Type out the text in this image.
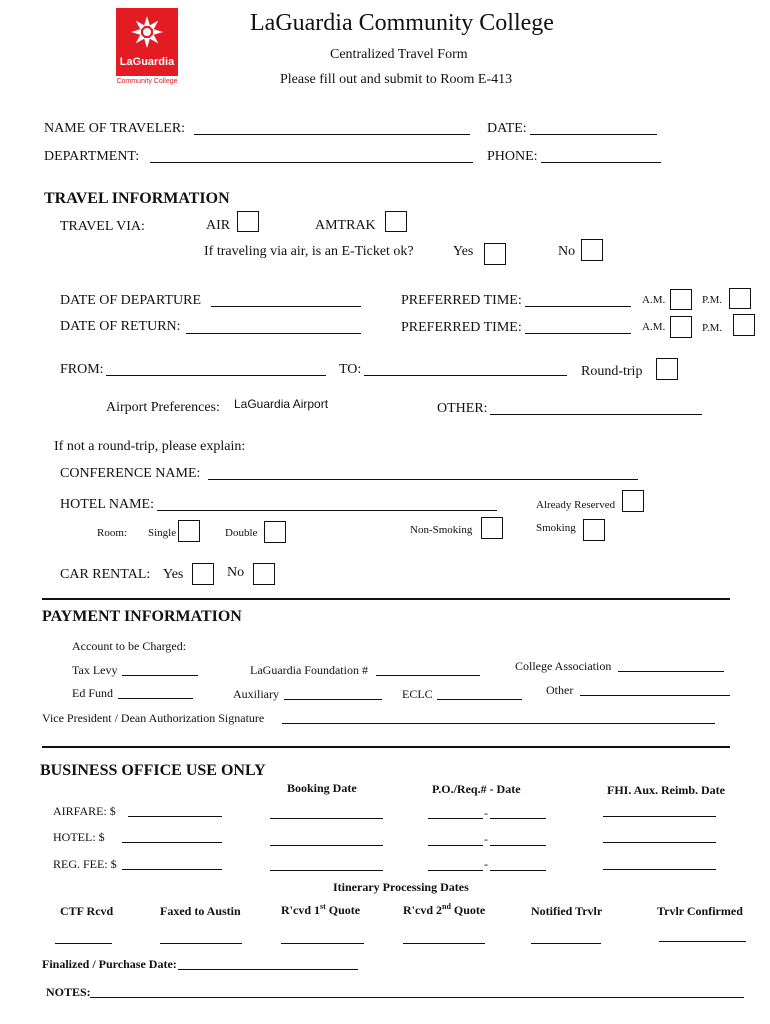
LaGuardia
Community College
LaGuardia Community College
Centralized Travel Form
Please fill out and submit to Room E-413
NAME OF TRAVELER:	DATE:
DEPARTMENT:	PHONE:
TRAVEL INFORMATION
TRAVEL VIA:	AIR	AMTRAK
If traveling via air, is an E-Ticket ok?	Yes	No
DATE OF DEPARTURE	PREFERRED TIME:	A.M.	P.M.
DATE OF RETURN:	PREFERRED TIME:	A.M.	P.M.
FROM:	TO:	Round-trip
Airport Preferences: LaGuardia Airport	OTHER:
If not a round-trip, please explain:
CONFERENCE NAME:
HOTEL NAME:	Already Reserved
Room: Single	Double	Non-Smoking	Smoking
CAR RENTAL: Yes	No
PAYMENT INFORMATION
Account to be Charged:
Tax Levy	LaGuardia Foundation #	College Association
Ed Fund	Auxiliary	ECLC	Other
Vice President / Dean Authorization Signature
BUSINESS OFFICE USE ONLY
Booking Date	P.O./Req.# - Date	FHI. Aux. Reimb. Date
AIRFARE: $	-
HOTEL: $	-
REG. FEE: $	-
Itinerary Processing Dates
CTF Rcvd	Faxed to Austin	R'cvd 1st Quote	R'cvd 2nd Quote	Notified Trvlr	Trvlr Confirmed
Finalized / Purchase Date:
NOTES:
